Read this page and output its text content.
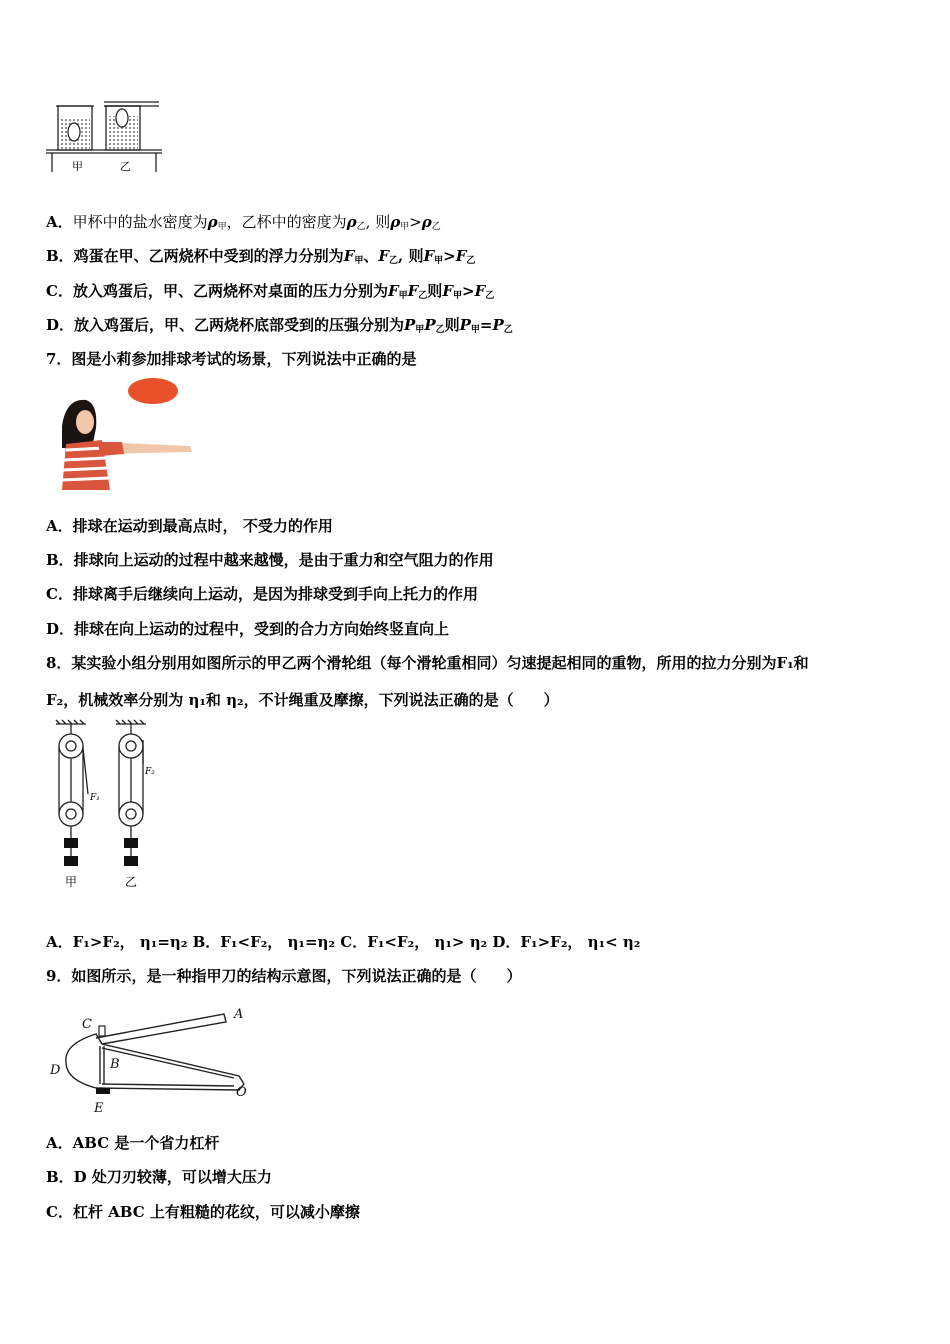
甲	乙
A．甲杯中的盐水密度为$\rho_甲$，乙杯中的密度为$\rho_乙$, 则$\rho_甲>\rho_乙$
B．鸡蛋在甲、乙两烧杯中受到的浮力分别为$F_甲$、$F_乙$, 则$F_甲>F_乙$
C．放入鸡蛋后，甲、乙两烧杯对桌面的压力分别为$F_甲F_乙$则$F_甲>F_乙$
D．放入鸡蛋后，甲、乙两烧杯底部受到的压强分别为$P_甲P_乙$则$P_甲=P_乙$
7．图是小莉参加排球考试的场景，下列说法中正确的是
A．排球在运动到最高点时， 不受力的作用
B．排球向上运动的过程中越来越慢，是由于重力和空气阻力的作用
C．排球离手后继续向上运动，是因为排球受到手向上托力的作用
D．排球在向上运动的过程中，受到的合力方向始终竖直向上
8．某实验小组分别用如图所示的甲乙两个滑轮组（每个滑轮重相同）匀速提起相同的重物，所用的拉力分别为F₁和
F₂，机械效率分别为 η₁和 η₂，不计绳重及摩擦，下列说法正确的是（　　）
F₁
F₂
甲	乙
A．F₁>F₂， η₁=η₂ B．F₁<F₂， η₁=η₂ C．F₁<F₂， η₁> η₂ D．F₁>F₂， η₁< η₂
9．如图所示，是一种指甲刀的结构示意图，下列说法正确的是（　　）
C
A
B
D
O
E
A．ABC 是一个省力杠杆
B．D 处刀刃较薄，可以增大压力
C．杠杆 ABC 上有粗糙的花纹，可以减小摩擦
